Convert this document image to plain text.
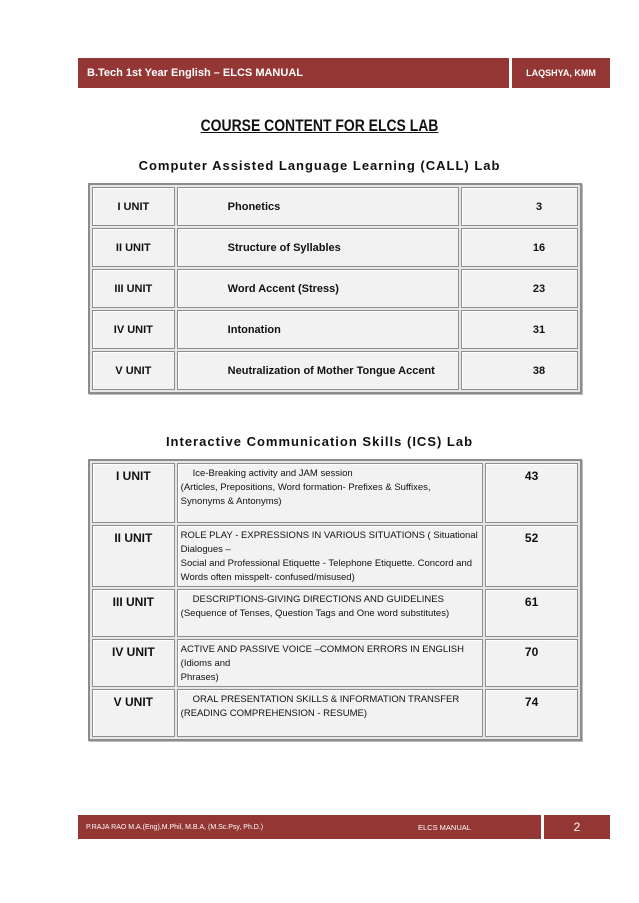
B.Tech 1st Year English – ELCS MANUAL	LAQSHYA, KMM
COURSE CONTENT FOR ELCS LAB
Computer Assisted Language Learning (CALL) Lab
I UNIT	Phonetics	3
II UNIT	Structure of Syllables	16
III UNIT	Word Accent (Stress)	23
IV UNIT	Intonation	31
V UNIT	Neutralization of Mother Tongue Accent	38
Interactive Communication Skills (ICS) Lab
I UNIT	Ice-Breaking activity and JAM session
(Articles, Prepositions, Word formation- Prefixes & Suffixes,
Synonyms & Antonyms)	43
II UNIT	ROLE PLAY - EXPRESSIONS IN VARIOUS SITUATIONS ( Situational Dialogues –
Social and Professional Etiquette - Telephone Etiquette. Concord and
Words often misspelt- confused/misused)	52
III UNIT	DESCRIPTIONS-GIVING DIRECTIONS AND GUIDELINES
(Sequence of Tenses, Question Tags and One word substitutes)	61
IV UNIT	ACTIVE AND PASSIVE VOICE –COMMON ERRORS IN ENGLISH (Idioms and
Phrases)	70
V UNIT	ORAL PRESENTATION SKILLS & INFORMATION TRANSFER
(READING COMPREHENSION - RESUME)	74
P.RAJA RAO M.A.(Eng),M.Phil, M.B.A, (M.Sc.Psy, Ph.D.)	ELCS MANUAL	2
